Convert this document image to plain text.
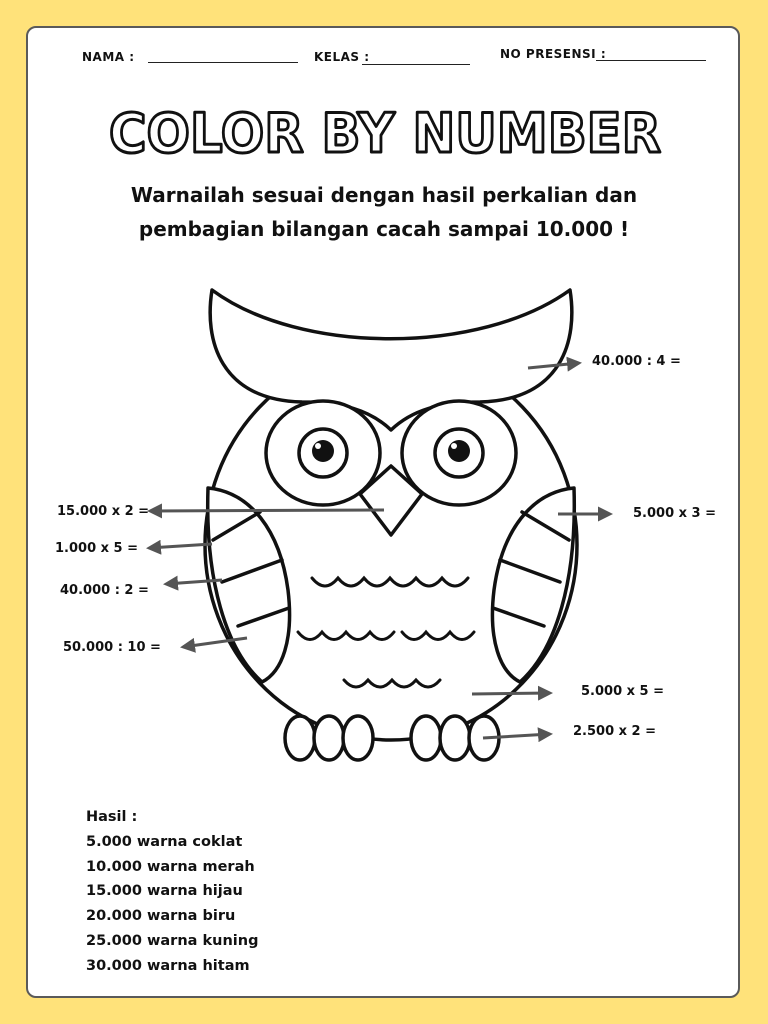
NAMA :	KELAS :	NO PRESENSI :
COLOR BY NUMBER
Warnailah sesuai dengan hasil perkalian dan
pembagian bilangan cacah sampai 10.000 !
40.000 : 4 =
15.000 x 2 =	5.000 x 3 =
1.000 x 5 =
40.000 : 2 =
50.000 : 10 =
5.000 x 5 =
2.500 x 2 =
Hasil :
5.000 warna coklat
10.000 warna merah
15.000 warna hijau
20.000 warna biru
25.000 warna kuning
30.000 warna hitam
